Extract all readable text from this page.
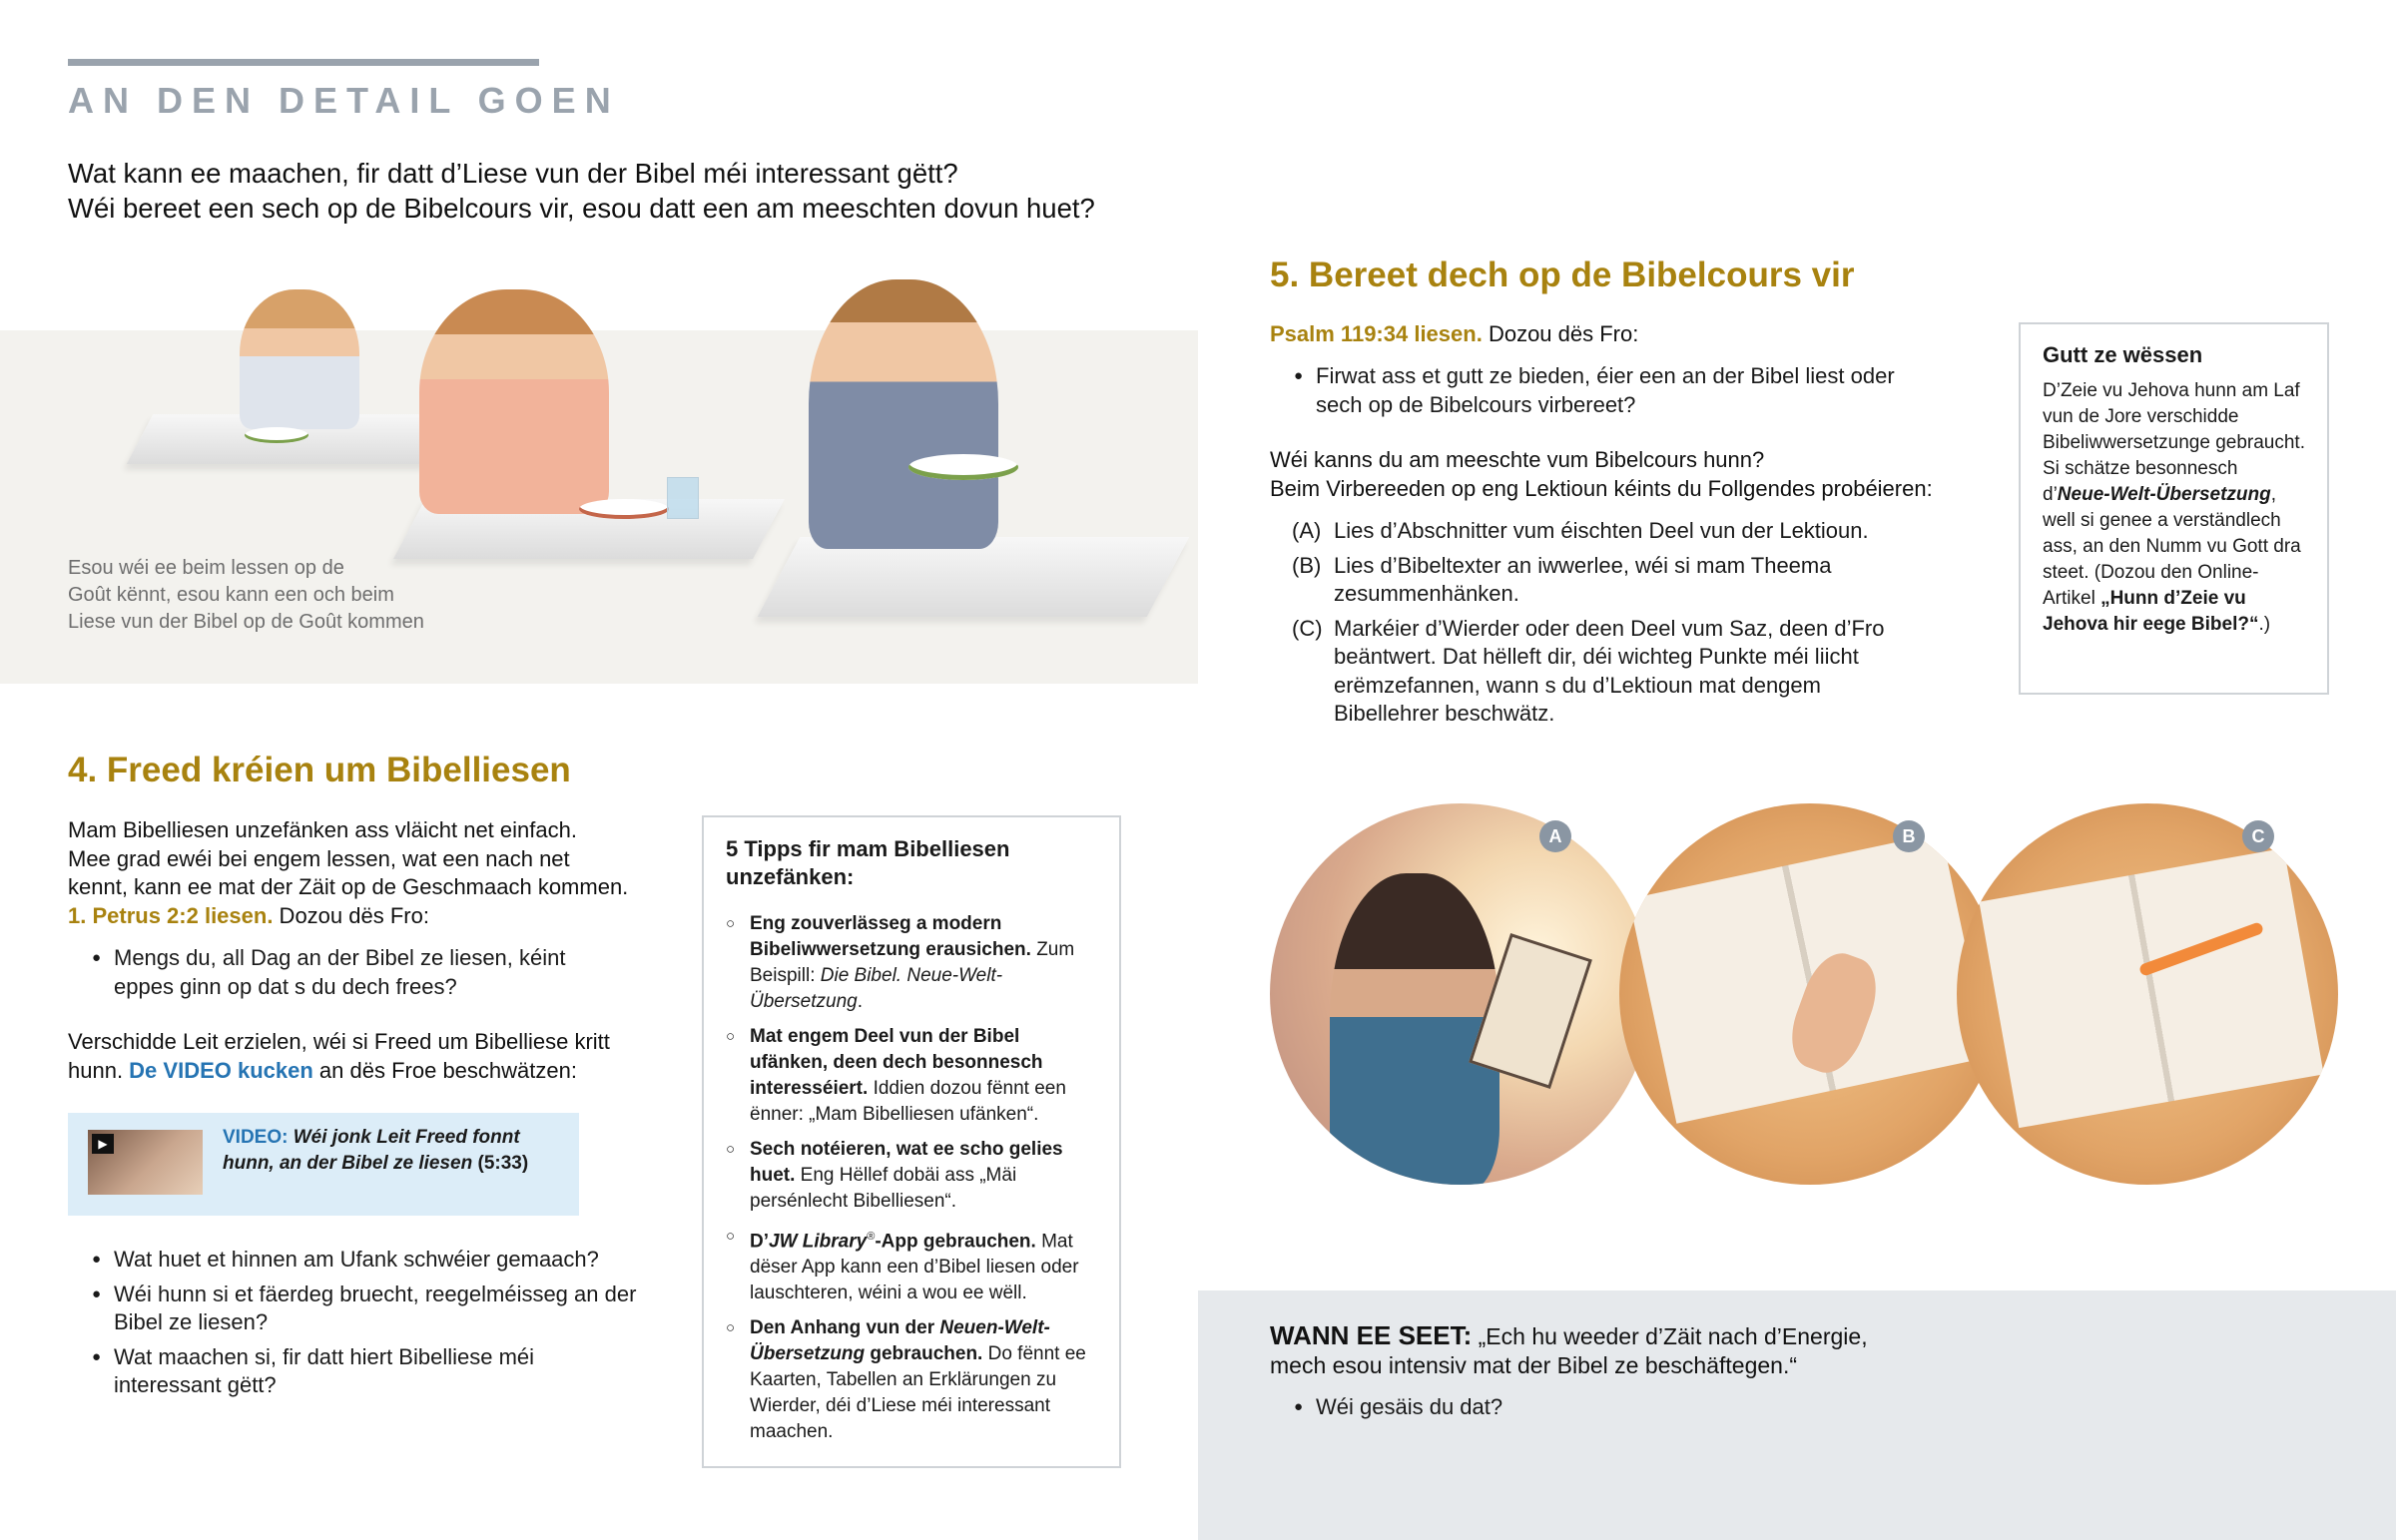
AN DEN DETAIL GOEN
Wat kann ee maachen, fir datt d’Liese vun der Bibel méi interessant gëtt?
Wéi bereet een sech op de Bibelcours vir, esou datt een am meeschten dovun huet?
Esou wéi ee beim lessen op de
Goût kënnt, esou kann een och beim
Liese vun der Bibel op de Goût kommen
4. Freed kréien um Bibelliesen
Mam Bibelliesen unzefänken ass vläicht net einfach.
Mee grad ewéi bei engem lessen, wat een nach net
kennt, kann ee mat der Zäit op de Geschmaach kommen.
1. Petrus 2:2 liesen. Dozou dës Fro:
● Mengs du, all Dag an der Bibel ze liesen, kéint eppes ginn op dat s du dech frees?
Verschidde Leit erzielen, wéi si Freed um Bibelliese kritt
hunn. De VIDEO kucken an dës Froe beschwätzen:
▶	VIDEO: Wéi jonk Leit Freed fonnt hunn, an der Bibel ze liesen (5:33)
● Wat huet et hinnen am Ufank schwéier gemaach?
● Wéi hunn si et fäerdeg bruecht, reegelméisseg an der Bibel ze liesen?
● Wat maachen si, fir datt hiert Bibelliese méi interessant gëtt?
5 Tipps fir mam Bibelliesen unzefänken:
○ Eng zouverlässeg a modern Bibeliwwersetzung erausichen. Zum Beispill: Die Bibel. Neue-Welt-Übersetzung.
○ Mat engem Deel vun der Bibel ufänken, deen dech besonnesch interesséiert. Iddien dozou fënnt een ënner: „Mam Bibelliesen ufänken“.
○ Sech notéieren, wat ee scho gelies huet. Eng Hëllef dobäi ass „Mäi persénlecht Bibelliesen“.
○ D’JW Library®-App gebrauchen. Mat dëser App kann een d’Bibel liesen oder lauschteren, wéini a wou ee wëll.
○ Den Anhang vun der Neuen-Welt-Übersetzung gebrauchen. Do fënnt ee Kaarten, Tabellen an Erklärungen zu Wierder, déi d’Liese méi interessant maachen.
5. Bereet dech op de Bibelcours vir
Psalm 119:34 liesen. Dozou dës Fro:
● Firwat ass et gutt ze bieden, éier een an der Bibel liest oder sech op de Bibelcours virbereet?
Wéi kanns du am meeschte vum Bibelcours hunn?
Beim Virbereeden op eng Lektioun kéints du Follgendes probéieren:
(A) Lies d’Abschnitter vum éischten Deel vun der Lektioun.
(B) Lies d’Bibeltexter an iwwerlee, wéi si mam Theema zesummenhänken.
(C) Markéier d’Wierder oder deen Deel vum Saz, deen d’Fro beäntwert. Dat hëlleft dir, déi wichteg Punkte méi liicht erëmzefannen, wann s du d’Lektioun mat dengem Bibellehrer beschwätz.
Gutt ze wëssen

D’Zeie vu Jehova hunn am Laf vun de Jore verschidde Bibeliwwersetzunge gebraucht. Si schätze besonnesch d’Neue-Welt-Übersetzung, well si genee a verständlech ass, an den Numm vu Gott dra steet. (Dozou den Online-Artikel „Hunn d’Zeie vu Jehova hir eege Bibel?“.)

A	B	C
WANN EE SEET: „Ech hu weeder d’Zäit nach d’Energie,
mech esou intensiv mat der Bibel ze beschäftegen.“
● Wéi gesäis du dat?
